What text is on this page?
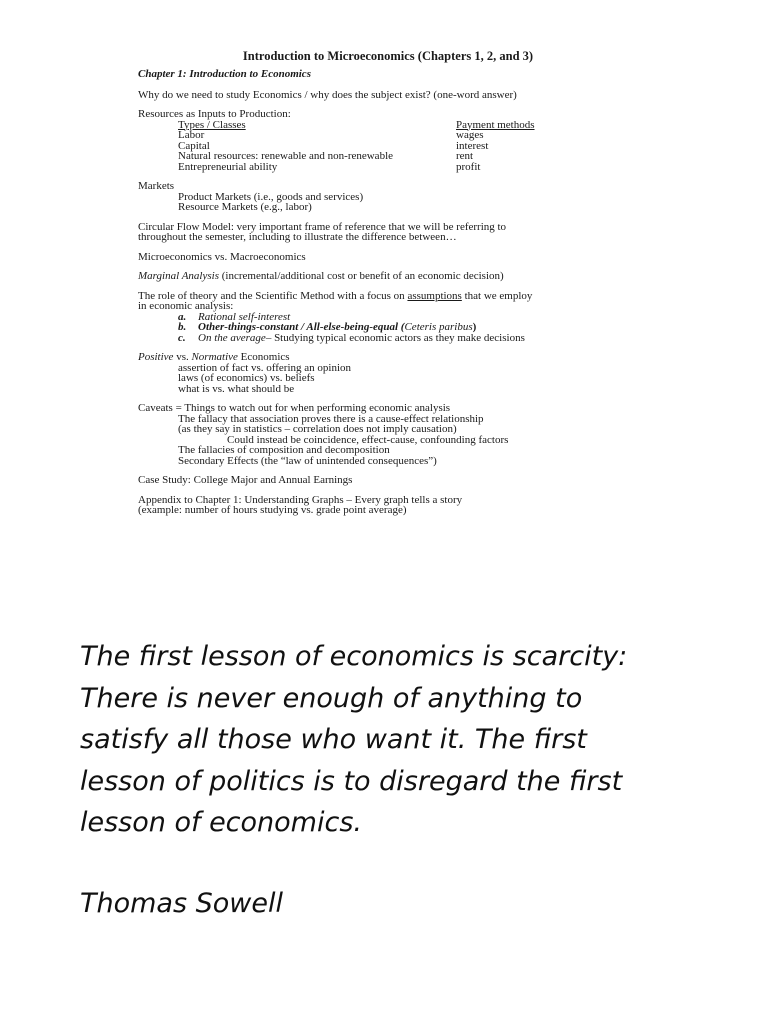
Introduction to Microeconomics (Chapters 1, 2, and 3)
Chapter 1: Introduction to Economics
Why do we need to study Economics / why does the subject exist? (one-word answer)
Resources as Inputs to Production:
Types / Classes	Payment methods
Labor	wages
Capital	interest
Natural resources: renewable and non-renewable	rent
Entrepreneurial ability	profit
Markets
Product Markets (i.e., goods and services)
Resource Markets (e.g., labor)
Circular Flow Model: very important frame of reference that we will be referring to
throughout the semester, including to illustrate the difference between…
Microeconomics vs. Macroeconomics
Marginal Analysis (incremental/additional cost or benefit of an economic decision)
The role of theory and the Scientific Method with a focus on assumptions that we employ
in economic analysis:
a.	Rational self-interest
b.	Other-things-constant / All-else-being-equal ( Ceteris paribus )
c.	On the average – Studying typical economic actors as they make decisions
Positive vs. Normative Economics
assertion of fact vs. offering an opinion
laws (of economics) vs. beliefs
what is vs. what should be
Caveats = Things to watch out for when performing economic analysis
The fallacy that association proves there is a cause-effect relationship
(as they say in statistics – correlation does not imply causation)
Could instead be coincidence, effect-cause, confounding factors
The fallacies of composition and decomposition
Secondary Effects (the “law of unintended consequences”)
Case Study: College Major and Annual Earnings
Appendix to Chapter 1: Understanding Graphs – Every graph tells a story
(example: number of hours studying vs. grade point average)
The first lesson of economics is scarcity:
There is never enough of anything to
satisfy all those who want it. The first
lesson of politics is to disregard the first
lesson of economics.
Thomas Sowell
